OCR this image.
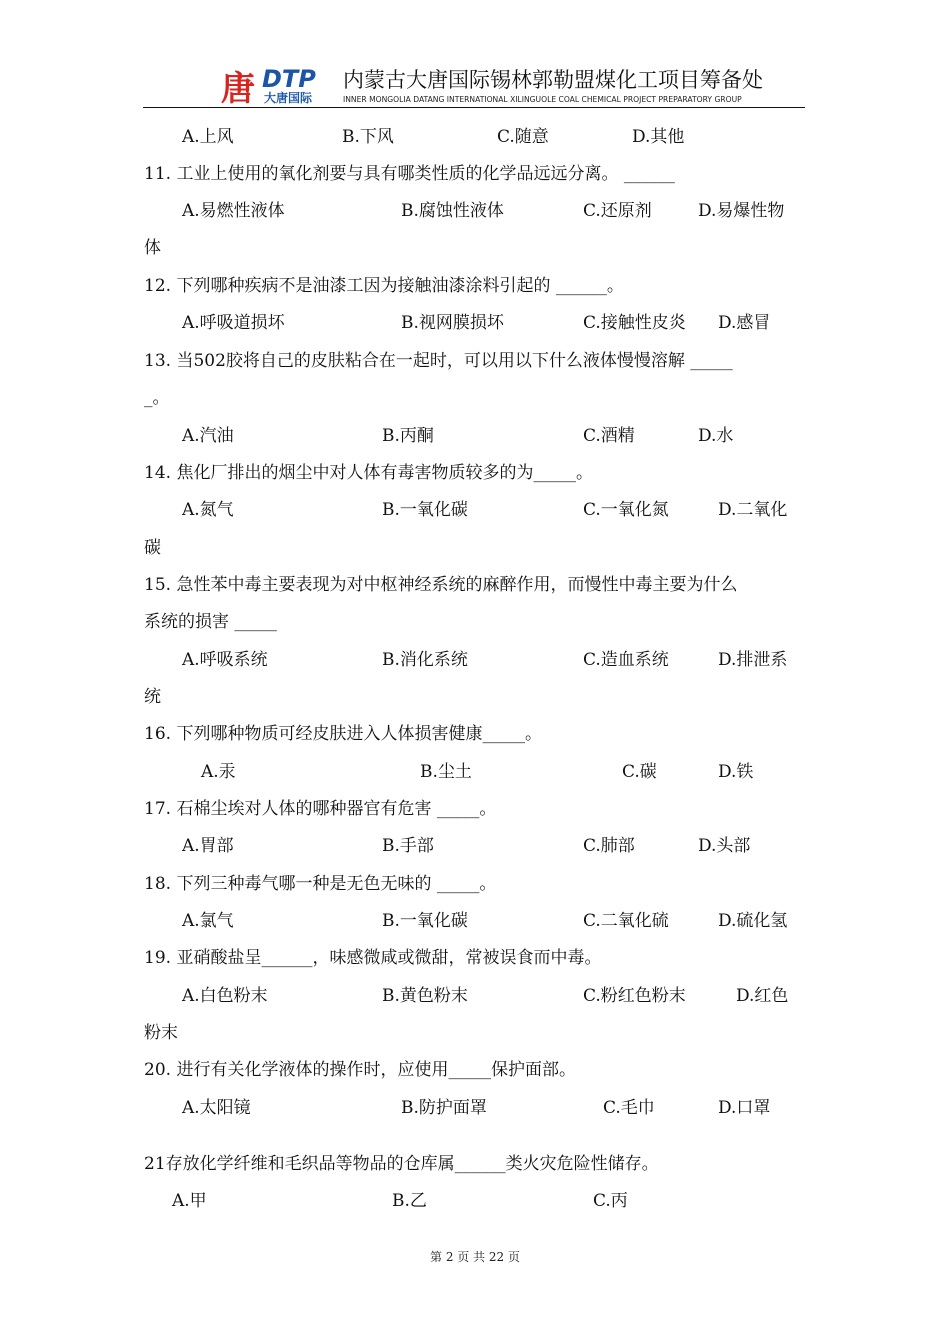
唐 DTP
大唐国际
内蒙古大唐国际锡林郭勒盟煤化工项目筹备处
INNER MONGOLIA DATANG INTERNATIONAL XILINGUOLE COAL CHEMICAL PROJECT PREPARATORY GROUP
A.上风	B.下风	C.随意	D.其他
11. 工业上使用的氧化剂要与具有哪类性质的化学品远远分离。 ______
A.易燃性液体	B.腐蚀性液体	C.还原剂	D.易爆性物
体
12. 下列哪种疾病不是油漆工因为接触油漆涂料引起的 ______。
A.呼吸道损坏	B.视网膜损坏	C.接触性皮炎 D.感冒
13. 当502胶将自己的皮肤粘合在一起时，可以用以下什么液体慢慢溶解 _____
_。
A.汽油	B.丙酮	C.酒精	D.水
14. 焦化厂排出的烟尘中对人体有毒害物质较多的为_____。
A.氮气	B.一氧化碳	C.一氧化氮	D.二氧化
碳
15. 急性苯中毒主要表现为对中枢神经系统的麻醉作用，而慢性中毒主要为什么
系统的损害 _____
A.呼吸系统	B.消化系统	C.造血系统	D.排泄系
统
16. 下列哪种物质可经皮肤进入人体损害健康_____。
A.汞	B.尘土	C.碳	D.铁
17. 石棉尘埃对人体的哪种器官有危害 _____。
A.胃部	B.手部	C.肺部	D.头部
18. 下列三种毒气哪一种是无色无味的 _____。
A.氯气	B.一氧化碳	C.二氧化硫	D.硫化氢
19. 亚硝酸盐呈______，味感微咸或微甜，常被误食而中毒。
A.白色粉末	B.黄色粉末	C.粉红色粉末	D.红色
粉末
20. 进行有关化学液体的操作时，应使用_____保护面部。
A.太阳镜	B.防护面罩	C.毛巾	D.口罩
21存放化学纤维和毛织品等物品的仓库属______类火灾危险性储存。
A.甲	B.乙	C.丙
第 2 页 共 22 页
